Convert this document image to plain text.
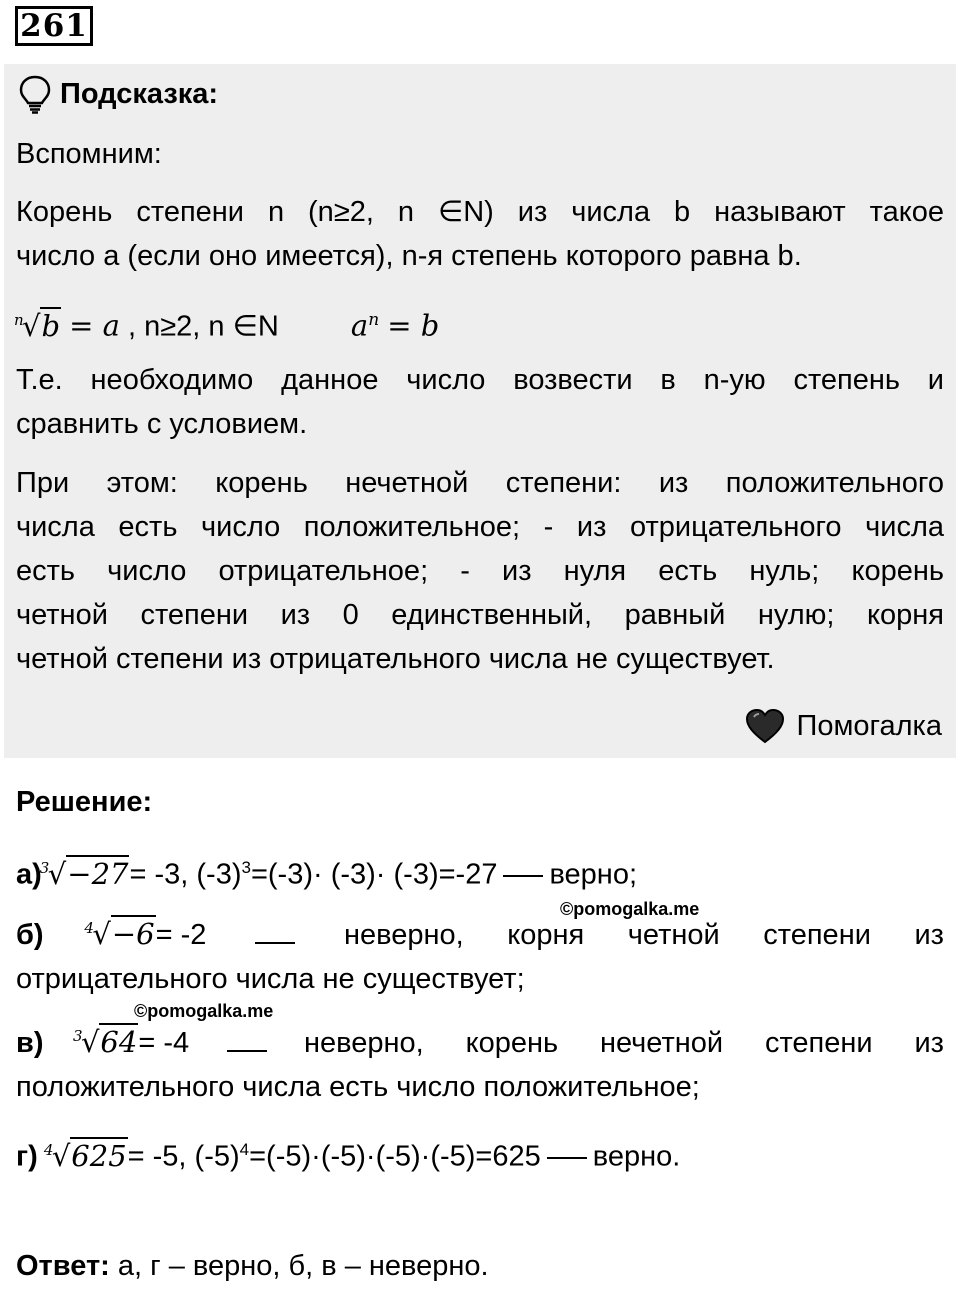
261
Подсказка:
Вспомним:
Корень степени n (n≥2, n ∈N) из числа b называют такое
число a (если оно имеется), n-я степень которого равна b.
n
√b = a , n≥2, n ∈N $a^n = b$
Т.е. необходимо данное число возвести в n-ую степень и
сравнить с условием.
При этом: корень нечетной степени: из положительного
числа есть число положительное; - из отрицательного числа
есть число отрицательное; - из нуля есть нуль; корень
четной степени из 0 единственный, равный нулю; корня
четной степени из отрицательного числа не существует.
Помогалка
Решение:
а)
3
√−27= -3, $(-3)^3=(-3)\cdot (-3)\cdot (-3)=-27$ верно;
©pomogalka.me
б)	4
√−6= -2	неверно, корня четной степени из
отрицательного числа не существует;
©pomogalka.me
в) 3
√64= -4	неверно, корень нечетной степени из
положительного числа есть число положительное;
г) 4
√625= -5, $(-5)^4=(-5)\cdot(-5)\cdot(-5)\cdot(-5)=625$ верно.
Ответ: а, г – верно, б, в – неверно.
